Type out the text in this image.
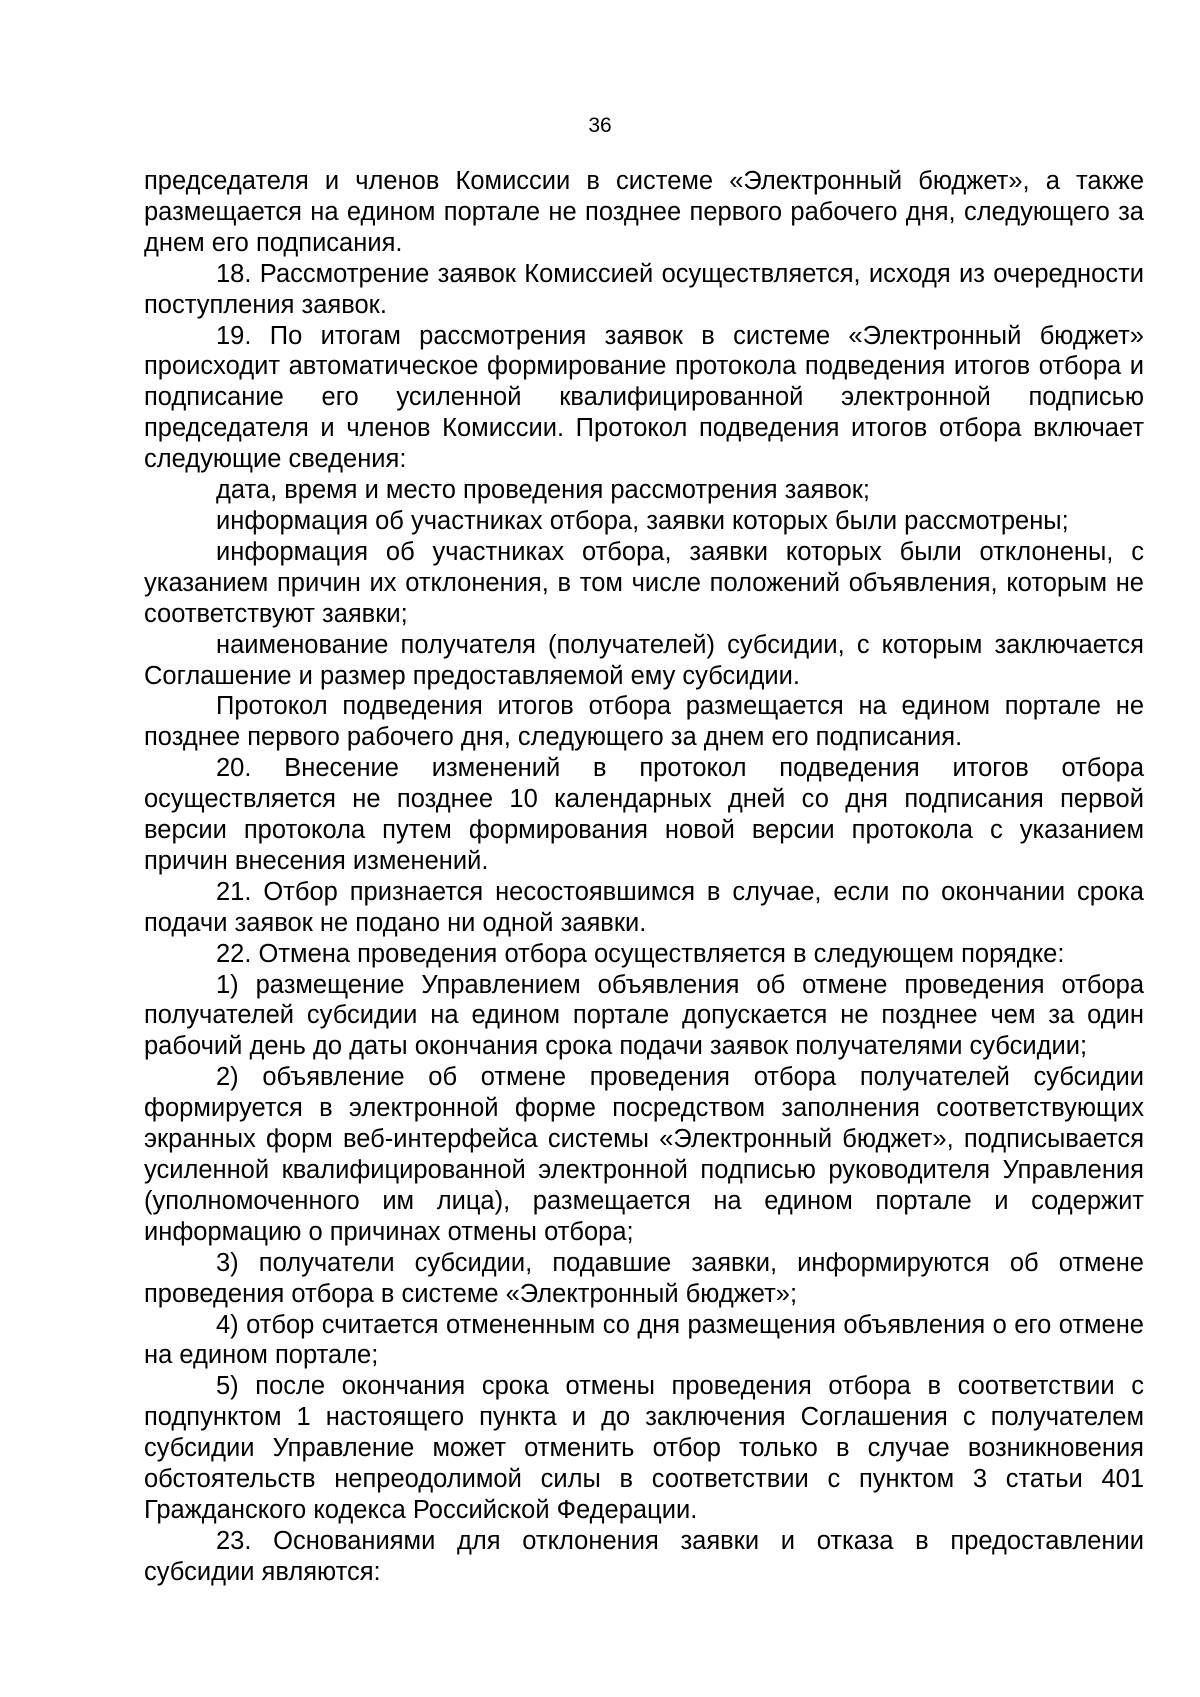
36

председателя и членов Комиссии в системе «Электронный бюджет», а также размещается на едином портале не позднее первого рабочего дня, следующего за днем его подписания.

18. Рассмотрение заявок Комиссией осуществляется, исходя из очередности поступления заявок.

19. По итогам рассмотрения заявок в системе «Электронный бюджет» происходит автоматическое формирование протокола подведения итогов отбора и подписание его усиленной квалифицированной электронной подписью председателя и членов Комиссии. Протокол подведения итогов отбора включает следующие сведения:

дата, время и место проведения рассмотрения заявок;

информация об участниках отбора, заявки которых были рассмотрены;

информация об участниках отбора, заявки которых были отклонены, с указанием причин их отклонения, в том числе положений объявления, которым не соответствуют заявки;

наименование получателя (получателей) субсидии, с которым заключается Соглашение и размер предоставляемой ему субсидии.

Протокол подведения итогов отбора размещается на едином портале не позднее первого рабочего дня, следующего за днем его подписания.

20. Внесение изменений в протокол подведения итогов отбора осуществляется не позднее 10 календарных дней со дня подписания первой версии протокола путем формирования новой версии протокола с указанием причин внесения изменений.

21. Отбор признается несостоявшимся в случае, если по окончании срока подачи заявок не подано ни одной заявки.

22. Отмена проведения отбора осуществляется в следующем порядке:

1) размещение Управлением объявления об отмене проведения отбора получателей субсидии на едином портале допускается не позднее чем за один рабочий день до даты окончания срока подачи заявок получателями субсидии;

2) объявление об отмене проведения отбора получателей субсидии формируется в электронной форме посредством заполнения соответствующих экранных форм веб-интерфейса системы «Электронный бюджет», подписывается усиленной квалифицированной электронной подписью руководителя Управления (уполномоченного им лица), размещается на едином портале и содержит информацию о причинах отмены отбора;

3) получатели субсидии, подавшие заявки, информируются об отмене проведения отбора в системе «Электронный бюджет»;

4) отбор считается отмененным со дня размещения объявления о его отмене на едином портале;

5) после окончания срока отмены проведения отбора в соответствии с подпунктом 1 настоящего пункта и до заключения Соглашения с получателем субсидии Управление может отменить отбор только в случае возникновения обстоятельств непреодолимой силы в соответствии с пунктом 3 статьи 401 Гражданского кодекса Российской Федерации.

23. Основаниями для отклонения заявки и отказа в предоставлении субсидии являются:
